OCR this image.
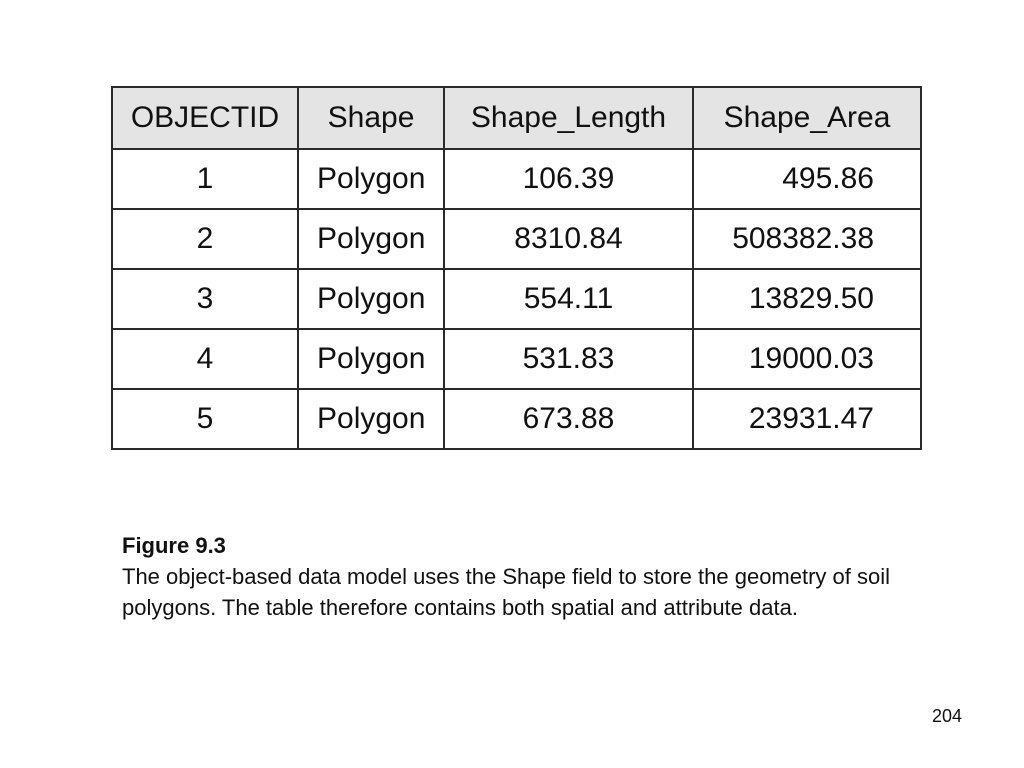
OBJECTID	Shape	Shape_Length	Shape_Area
1	Polygon	106.39	495.86
2	Polygon	8310.84	508382.38
3	Polygon	554.11	13829.50
4	Polygon	531.83	19000.03
5	Polygon	673.88	23931.47
Figure 9.3
The object-based data model uses the Shape field to store the geometry of soil polygons. The table therefore contains both spatial and attribute data.
204
